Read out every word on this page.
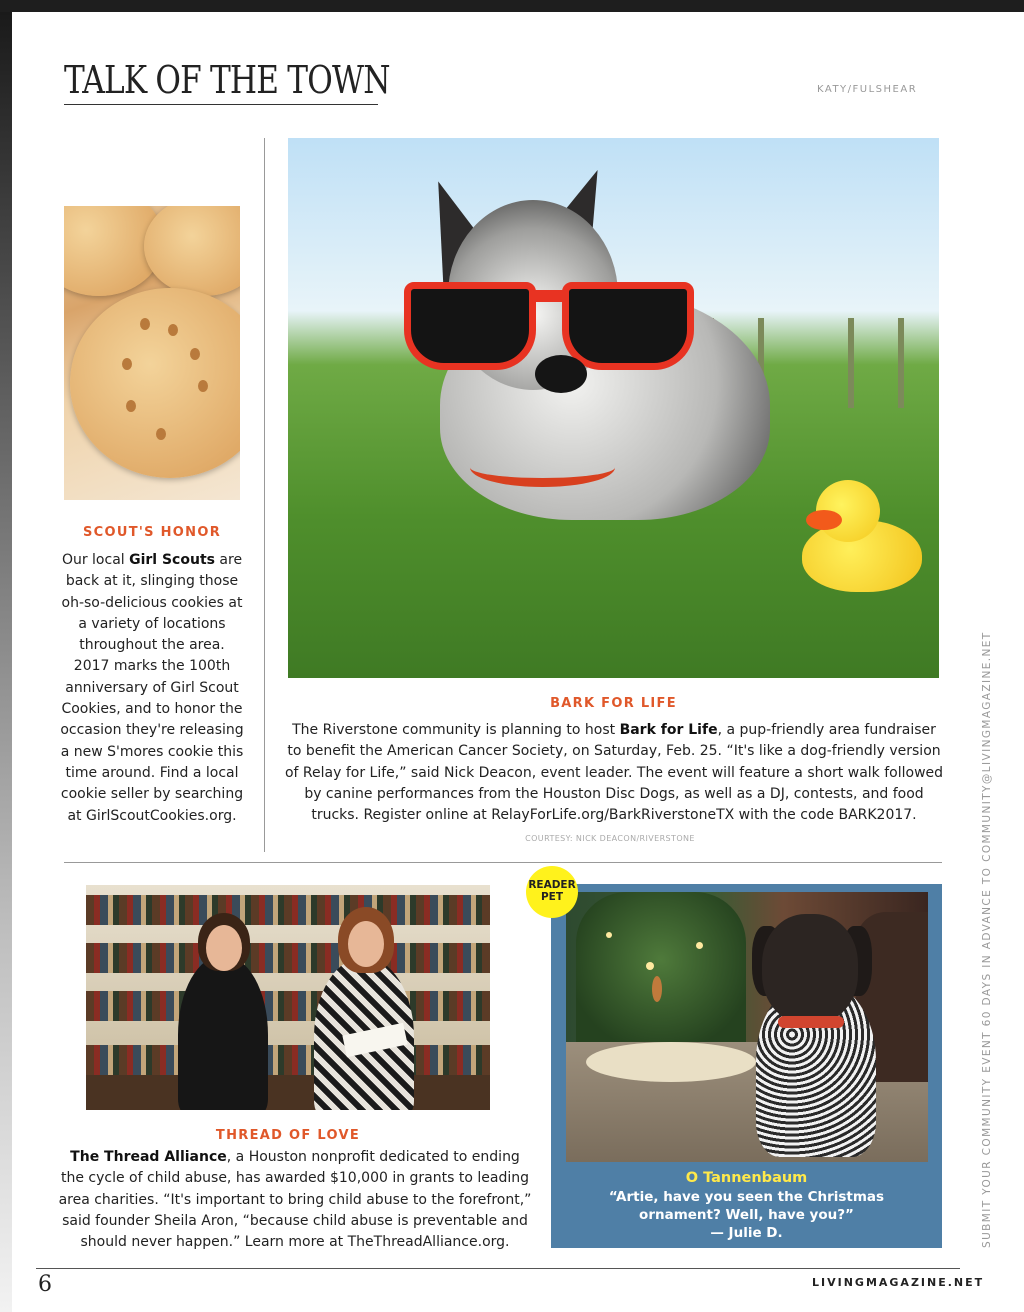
TALK OF THE TOWN	KATY/FULSHEAR
SCOUT'S HONOR
Our local Girl Scouts are back at it, slinging those oh-so-delicious cookies at a variety of locations throughout the area. 2017 marks the 100th anniversary of Girl Scout Cookies, and to honor the occasion they're releasing a new S'mores cookie this time around. Find a local cookie seller by searching at GirlScoutCookies.org.
BARK FOR LIFE
The Riverstone community is planning to host Bark for Life, a pup-friendly area fundraiser to benefit the American Cancer Society, on Saturday, Feb. 25. “It's like a dog-friendly version of Relay for Life,” said Nick Deacon, event leader. The event will feature a short walk followed by canine performances from the Houston Disc Dogs, as well as a DJ, contests, and food trucks. Register online at RelayForLife.org/BarkRiverstoneTX with the code BARK2017.
COURTESY: NICK DEACON/RIVERSTONE
THREAD OF LOVE
The Thread Alliance, a Houston nonprofit dedicated to ending the cycle of child abuse, has awarded $10,000 in grants to leading area charities. “It's important to bring child abuse to the forefront,” said founder Sheila Aron, “because child abuse is preventable and should never happen.” Learn more at TheThreadAlliance.org.
READER
PET
O Tannenbaum
“Artie, have you seen the Christmas ornament? Well, have you?”
— Julie D.	SUBMIT YOUR COMMUNITY EVENT 60 DAYS IN ADVANCE TO COMMUNITY@LIVINGMAGAZINE.NET
6	LIVINGMAGAZINE.NET
